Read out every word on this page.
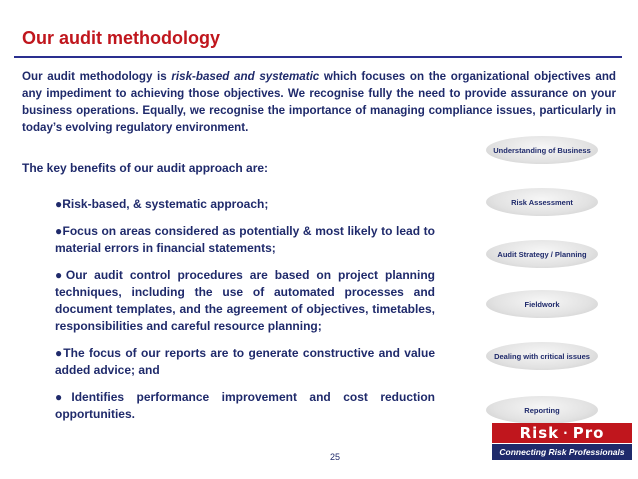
Our audit methodology

Our audit methodology is risk-based and systematic which focuses on the organizational objectives and any impediment to achieving those objectives. We recognise fully the need to provide assurance on your business operations. Equally, we recognise the importance of managing compliance issues, particularly in today’s evolving regulatory environment.

The key benefits of our audit approach are:
●Risk-based, & systematic approach;
●Focus on areas considered as potentially & most likely to lead to material errors in financial statements;
●Our audit control procedures are based on project planning techniques, including the use of automated processes and document templates, and the agreement of objectives, timetables, responsibilities and careful resource planning;
●The focus of our reports are to generate constructive and value added advice; and
●Identifies performance improvement and cost reduction opportunities.
Understanding of Business
Risk Assessment
Audit Strategy / Planning
Fieldwork
Dealing with critical issues
Reporting
Risk · Pro
Connecting Risk Professionals
25
